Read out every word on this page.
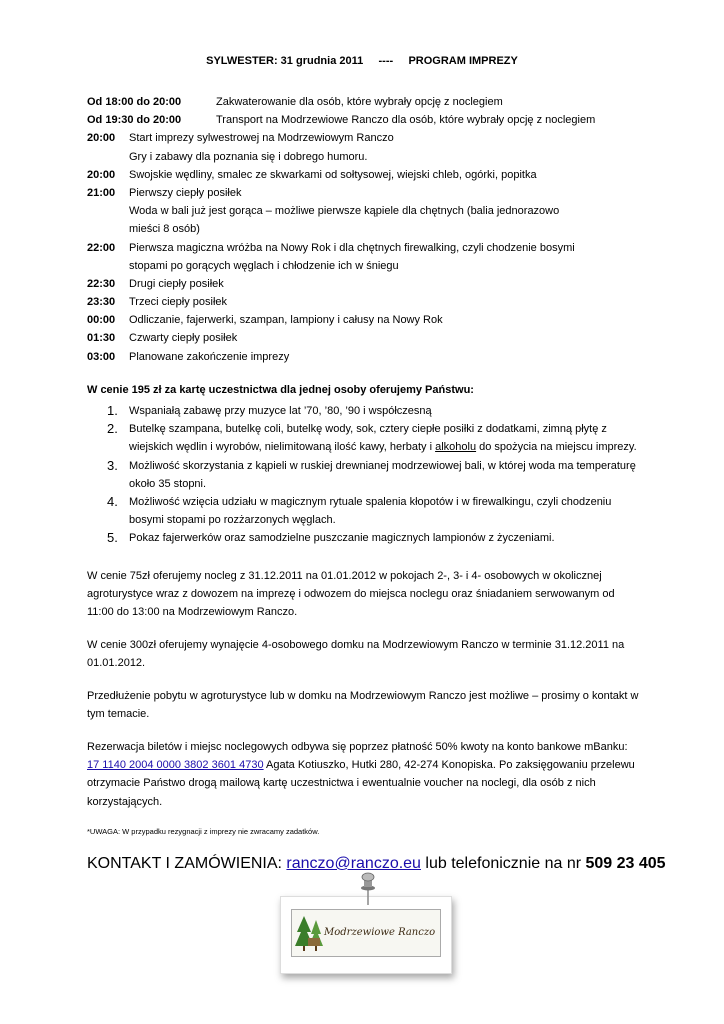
SYLWESTER: 31 grudnia 2011 ---- PROGRAM IMPREZY
Od 18:00 do 20:00	Zakwaterowanie dla osób, które wybrały opcję z noclegiem
Od 19:30 do 20:00	Transport na Modrzewiowe Ranczo dla osób, które wybrały opcję z noclegiem
20:00 Start imprezy sylwestrowej na Modrzewiowym Ranczo
Gry i zabawy dla poznania się i dobrego humoru.
20:00 Swojskie wędliny, smalec ze skwarkami od sołtysowej, wiejski chleb, ogórki, popitka
21:00 Pierwszy ciepły posiłek
Woda w bali już jest gorąca – możliwe pierwsze kąpiele dla chętnych (balia jednorazowo
mieści 8 osób)
22:00 Pierwsza magiczna wróżba na Nowy Rok i dla chętnych firewalking, czyli chodzenie bosymi
stopami po gorących węglach i chłodzenie ich w śniegu
22:30 Drugi ciepły posiłek
23:30 Trzeci ciepły posiłek
00:00 Odliczanie, fajerwerki, szampan, lampiony i całusy na Nowy Rok
01:30 Czwarty ciepły posiłek
03:00 Planowane zakończenie imprezy
W cenie 195 zł za kartę uczestnictwa dla jednej osoby oferujemy Państwu:
1. Wspaniałą zabawę przy muzyce lat ’70, ’80, ’90 i współczesną
2. Butelkę szampana, butelkę coli, butelkę wody, sok, cztery ciepłe posiłki z dodatkami, zimną płytę z
wiejskich wędlin i wyrobów, nielimitowaną ilość kawy, herbaty i alkoholu do spożycia na miejscu imprezy.
3. Możliwość skorzystania z kąpieli w ruskiej drewnianej modrzewiowej bali, w której woda ma temperaturę
około 35 stopni.
4. Możliwość wzięcia udziału w magicznym rytuale spalenia kłopotów i w firewalkingu, czyli chodzeniu
bosymi stopami po rozżarzonych węglach.
5. Pokaz fajerwerków oraz samodzielne puszczanie magicznych lampionów z życzeniami.
W cenie 75zł oferujemy nocleg z 31.12.2011 na 01.01.2012 w pokojach 2-, 3- i 4- osobowych w okolicznej
agroturystyce wraz z dowozem na imprezę i odwozem do miejsca noclegu oraz śniadaniem serwowanym od
11:00 do 13:00 na Modrzewiowym Ranczo.
W cenie 300zł oferujemy wynajęcie 4-osobowego domku na Modrzewiowym Ranczo w terminie 31.12.2011 na
01.01.2012.
Przedłużenie pobytu w agroturystyce lub w domku na Modrzewiowym Ranczo jest możliwe – prosimy o kontakt w
tym temacie.
Rezerwacja biletów i miejsc noclegowych odbywa się poprzez płatność 50% kwoty na konto bankowe mBanku:
17 1140 2004 0000 3802 3601 4730 Agata Kotiuszko, Hutki 280, 42-274 Konopiska. Po zaksięgowaniu przelewu
otrzymacie Państwo drogą mailową kartę uczestnictwa i ewentualnie voucher na noclegi, dla osób z nich
korzystających.
*UWAGA: W przypadku rezygnacji z imprezy nie zwracamy zadatków.
KONTAKT I ZAMÓWIENIA: ranczo@ranczo.eu lub telefonicznie na nr 509 23 405
Modrzewiowe Ranczo
